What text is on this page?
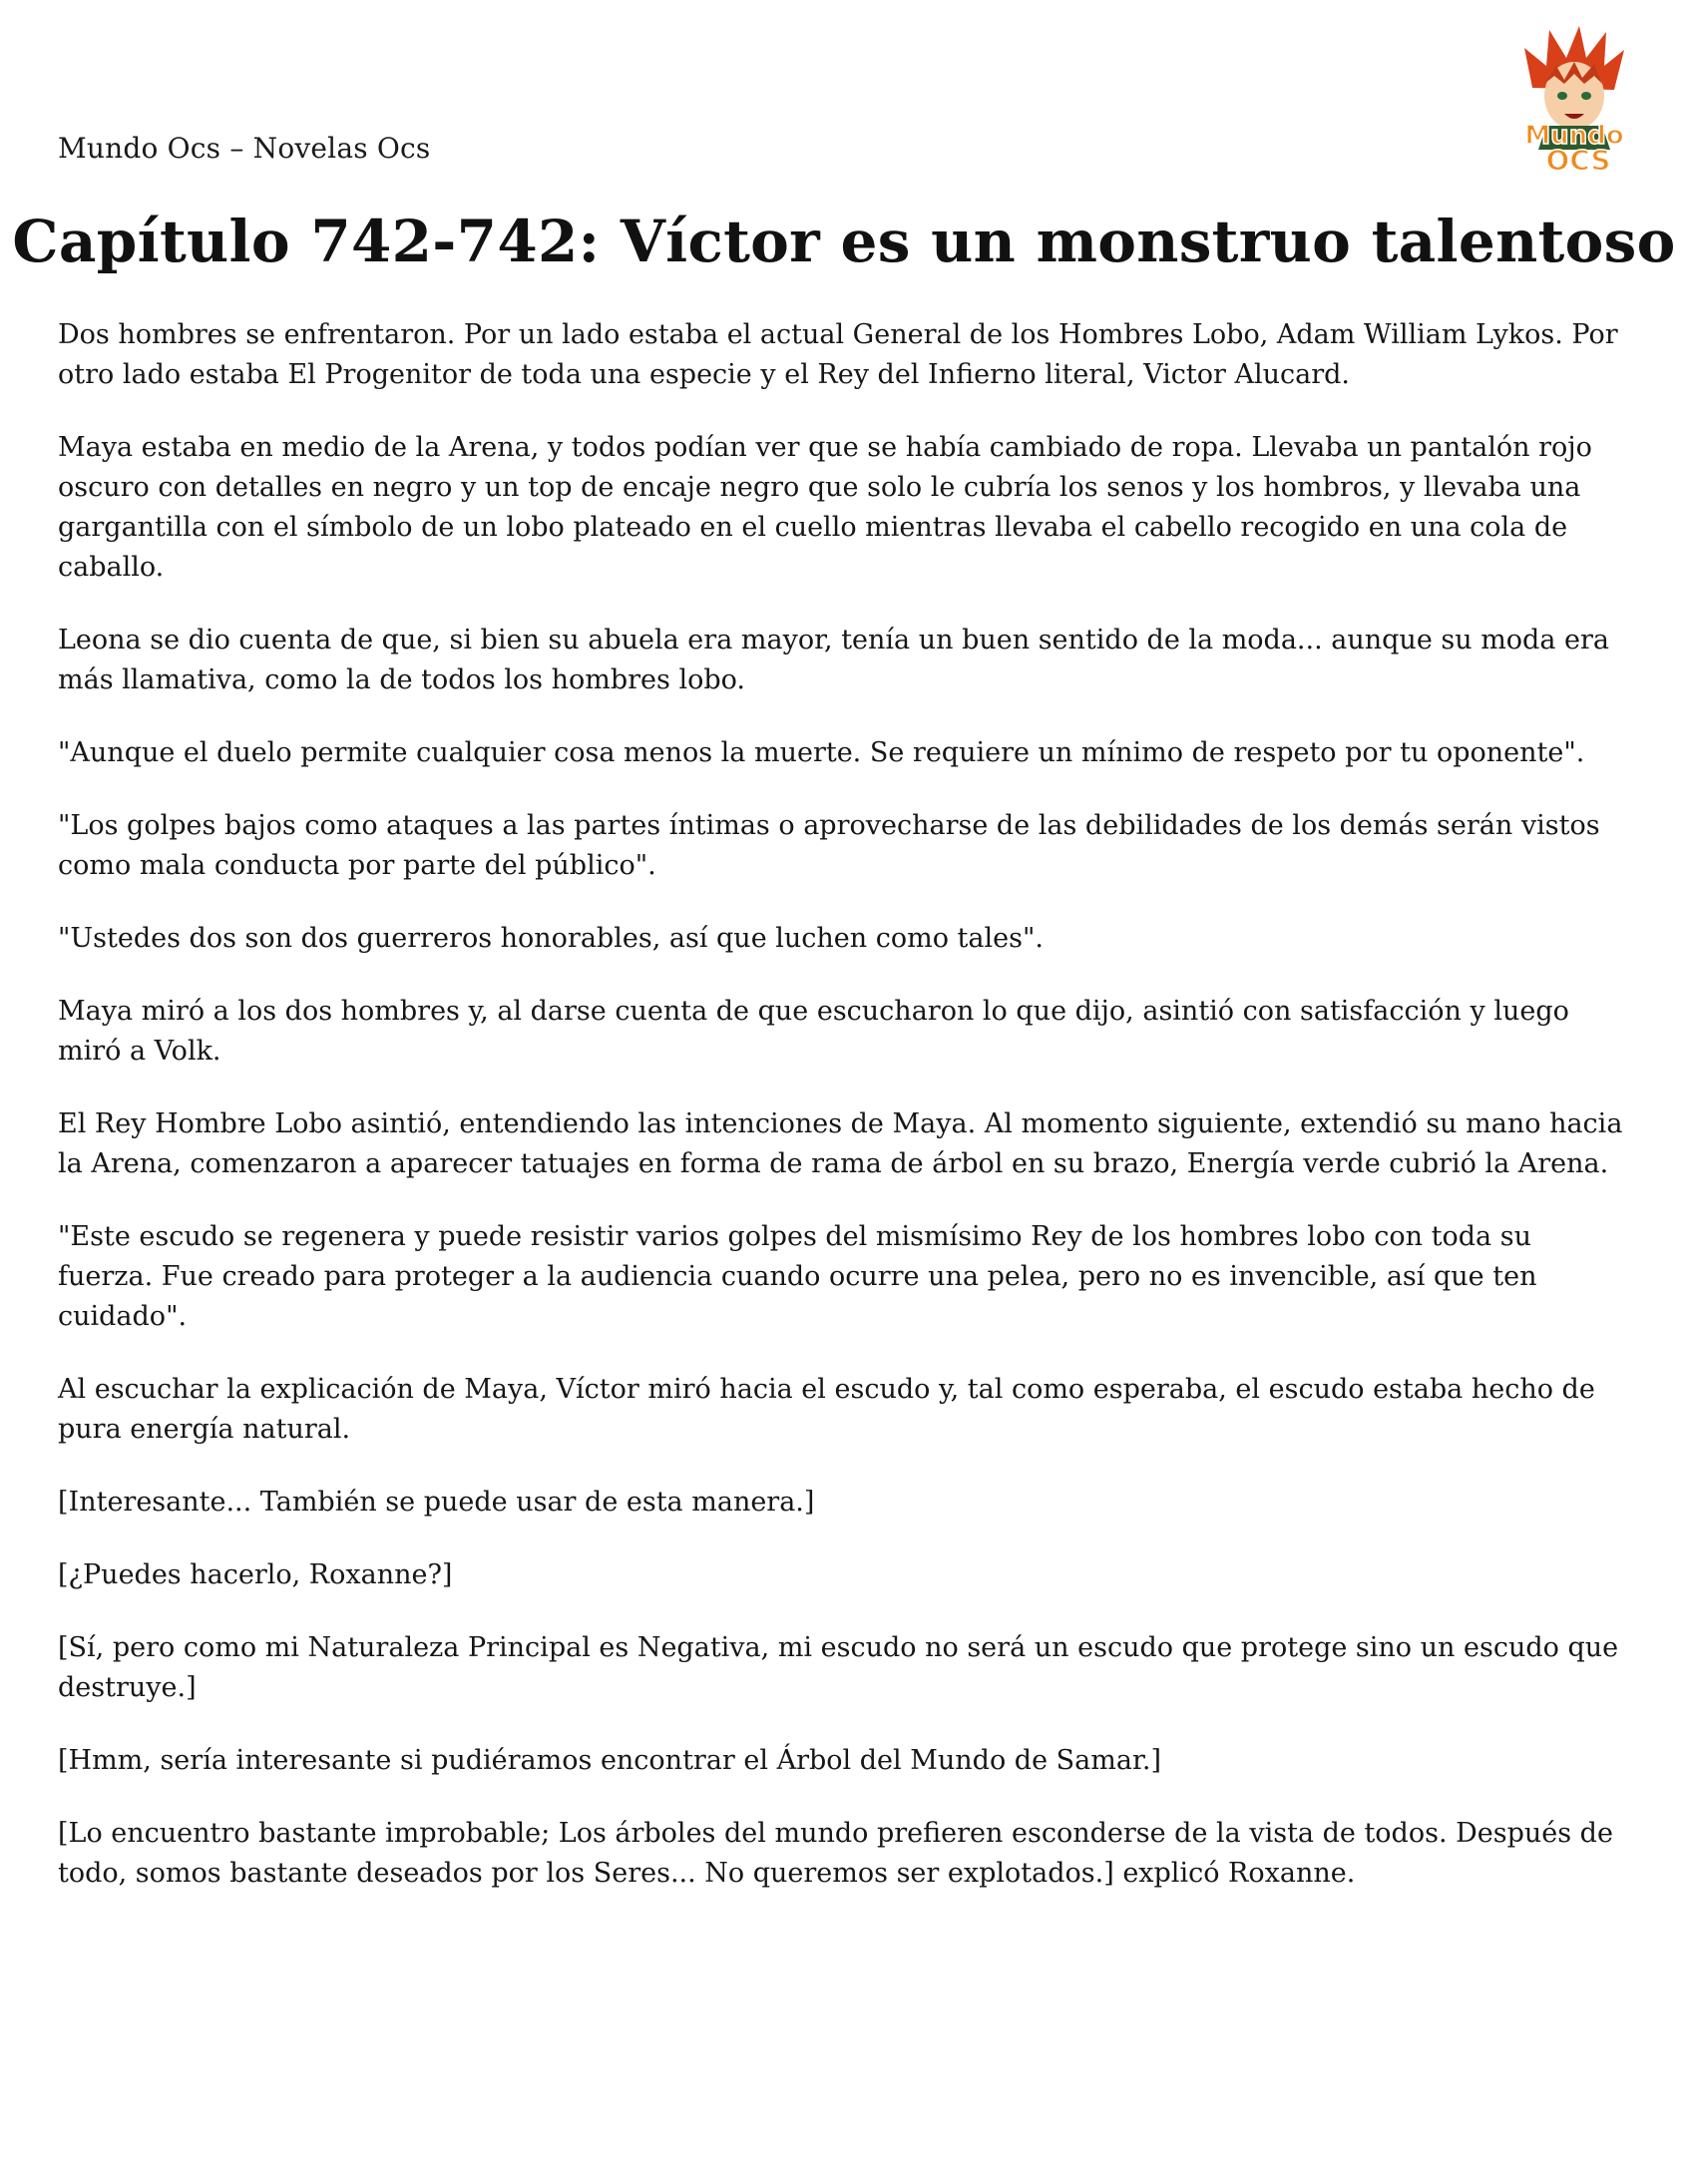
Mundo Ocs – Novelas Ocs	Mundo
OCS
Capítulo 742-742: Víctor es un monstruo talentoso

Dos hombres se enfrentaron. Por un lado estaba el actual General de los Hombres Lobo, Adam William Lykos. Por otro lado estaba El Progenitor de toda una especie y el Rey del Infierno literal, Victor Alucard.

Maya estaba en medio de la Arena, y todos podían ver que se había cambiado de ropa. Llevaba un pantalón rojo oscuro con detalles en negro y un top de encaje negro que solo le cubría los senos y los hombros, y llevaba una gargantilla con el símbolo de un lobo plateado en el cuello mientras llevaba el cabello recogido en una cola de caballo.

Leona se dio cuenta de que, si bien su abuela era mayor, tenía un buen sentido de la moda... aunque su moda era más llamativa, como la de todos los hombres lobo.

"Aunque el duelo permite cualquier cosa menos la muerte. Se requiere un mínimo de respeto por tu oponente".

"Los golpes bajos como ataques a las partes íntimas o aprovecharse de las debilidades de los demás serán vistos como mala conducta por parte del público".

"Ustedes dos son dos guerreros honorables, así que luchen como tales".

Maya miró a los dos hombres y, al darse cuenta de que escucharon lo que dijo, asintió con satisfacción y luego miró a Volk.

El Rey Hombre Lobo asintió, entendiendo las intenciones de Maya. Al momento siguiente, extendió su mano hacia la Arena, comenzaron a aparecer tatuajes en forma de rama de árbol en su brazo, Energía verde cubrió la Arena.

"Este escudo se regenera y puede resistir varios golpes del mismísimo Rey de los hombres lobo con toda su fuerza. Fue creado para proteger a la audiencia cuando ocurre una pelea, pero no es invencible, así que ten cuidado".

Al escuchar la explicación de Maya, Víctor miró hacia el escudo y, tal como esperaba, el escudo estaba hecho de pura energía natural.

[Interesante... También se puede usar de esta manera.]

[¿Puedes hacerlo, Roxanne?]

[Sí, pero como mi Naturaleza Principal es Negativa, mi escudo no será un escudo que protege sino un escudo que destruye.]

[Hmm, sería interesante si pudiéramos encontrar el Árbol del Mundo de Samar.]

[Lo encuentro bastante improbable; Los árboles del mundo prefieren esconderse de la vista de todos. Después de todo, somos bastante deseados por los Seres... No queremos ser explotados.] explicó Roxanne.
